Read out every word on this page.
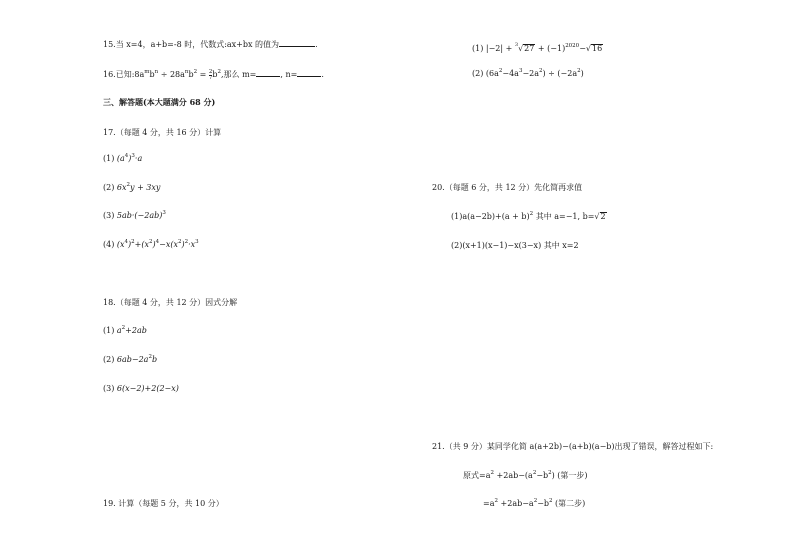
15.当 x=4，a+b=-8 时，代数式:ax+bx 的值为	.
16.已知$:8a^mb^n \div 28a^nb^2 = \frac{2}{7} b^2$,那么 m=	, n=	.
三、解答题(本大题满分 68 分)
17.（每题 4 分，共 16 分）计算
(1) $(a^4)^3\cdot a$
(2) $6x^2y + 3xy$
(3) $5ab\cdot(-2ab)^3$
(4) $(x^4)^2+(x^2)^4-x(x^2)^2\cdot x^3$
18.（每题 4 分，共 12 分）因式分解
(1) $a^2+2ab$
(2) $6ab-2a^2b$
(3) 6(x−2)+2(2−x)
19. 计算（每题 5 分，共 10 分）
(1) $|-2| + ^3√27 + (-1)^{2020}-√16$
(2) $(6a^2-4a^3-2a^2) \div (-2a^2)$
20.（每题 6 分，共 12 分）先化简再求值
$(1)a(a-2b)+(a + b)^2$ 其中 a=−1, b=√2
(2)(x+1)(x−1)−x(3−x) 其中 x=2
21.（共 9 分）某同学化简 a(a+2b)−(a+b)(a−b)出现了错误，解答过程如下:
原式$=a^2 +2ab-(a^2-b^2)$ (第一步)
$=a^2 +2ab-a^2-b^2$ (第二步)
